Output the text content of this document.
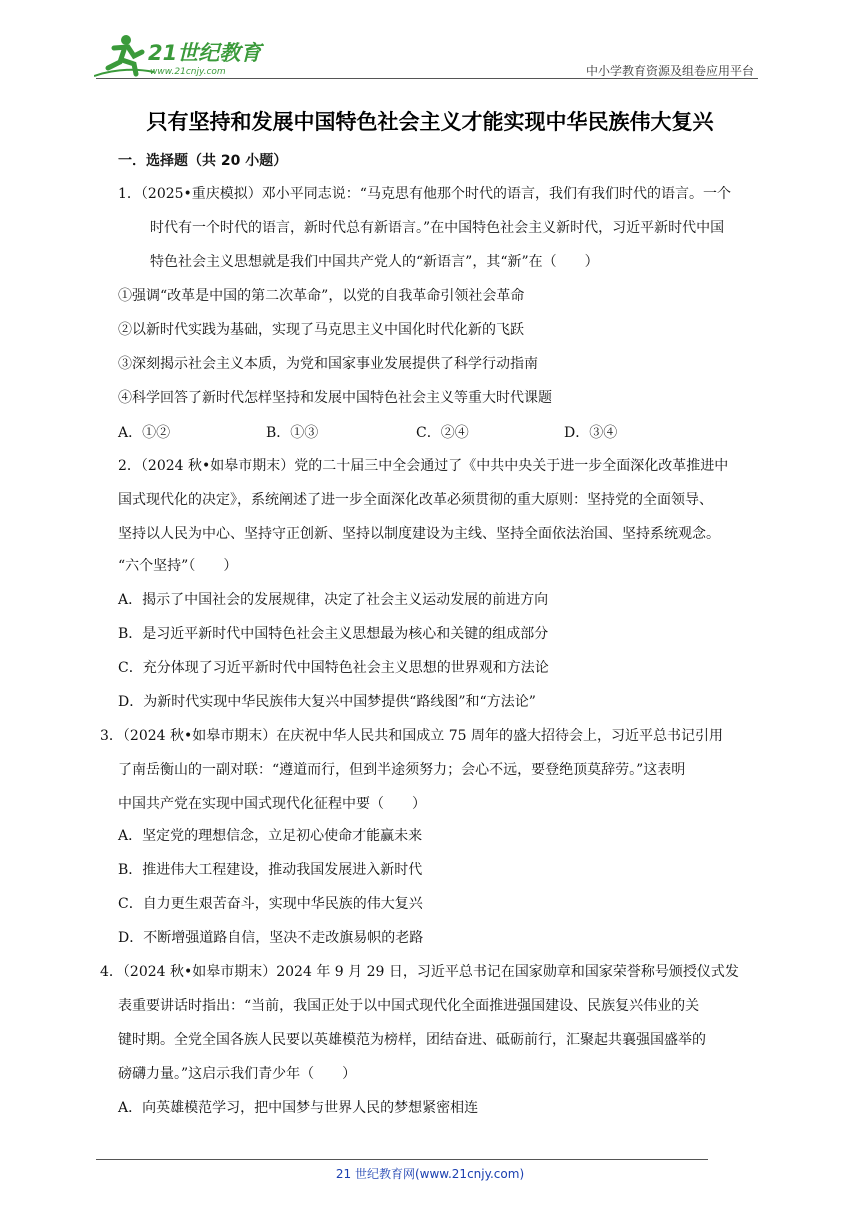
21世纪教育
www.21cnjy.com	中小学教育资源及组卷应用平台
只有坚持和发展中国特色社会主义才能实现中华民族伟大复兴
一．选择题（共 20 小题）
1．（2025•重庆模拟）邓小平同志说：“马克思有他那个时代的语言，我们有我们时代的语言。一个
时代有一个时代的语言，新时代总有新语言。”在中国特色社会主义新时代，习近平新时代中国
特色社会主义思想就是我们中国共产党人的“新语言”，其“新”在（　　）
①强调“改革是中国的第二次革命”，以党的自我革命引领社会革命
②以新时代实践为基础，实现了马克思主义中国化时代化新的飞跃
③深刻揭示社会主义本质，为党和国家事业发展提供了科学行动指南
④科学回答了新时代怎样坚持和发展中国特色社会主义等重大时代课题
A．①②	B．①③	C．②④	D．③④
2．（2024 秋•如皋市期末）党的二十届三中全会通过了《中共中央关于进一步全面深化改革推进中
国式现代化的决定》，系统阐述了进一步全面深化改革必须贯彻的重大原则：坚持党的全面领导、
坚持以人民为中心、坚持守正创新、坚持以制度建设为主线、坚持全面依法治国、坚持系统观念。
“六个坚持”（　　）
A．揭示了中国社会的发展规律，决定了社会主义运动发展的前进方向
B．是习近平新时代中国特色社会主义思想最为核心和关键的组成部分
C．充分体现了习近平新时代中国特色社会主义思想的世界观和方法论
D．为新时代实现中华民族伟大复兴中国梦提供“路线图”和“方法论”
3．（2024 秋•如皋市期末）在庆祝中华人民共和国成立 75 周年的盛大招待会上，习近平总书记引用
了南岳衡山的一副对联：“遵道而行，但到半途须努力；会心不远，要登绝顶莫辞劳。”这表明
中国共产党在实现中国式现代化征程中要（　　）
A．坚定党的理想信念，立足初心使命才能赢未来
B．推进伟大工程建设，推动我国发展进入新时代
C．自力更生艰苦奋斗，实现中华民族的伟大复兴
D．不断增强道路自信，坚决不走改旗易帜的老路
4．（2024 秋•如皋市期末）2024 年 9 月 29 日，习近平总书记在国家勋章和国家荣誉称号颁授仪式发
表重要讲话时指出：“当前，我国正处于以中国式现代化全面推进强国建设、民族复兴伟业的关
键时期。全党全国各族人民要以英雄模范为榜样，团结奋进、砥砺前行，汇聚起共襄强国盛举的
磅礴力量。”这启示我们青少年（　　）
A．向英雄模范学习，把中国梦与世界人民的梦想紧密相连
21 世纪教育网(www.21cnjy.com)
